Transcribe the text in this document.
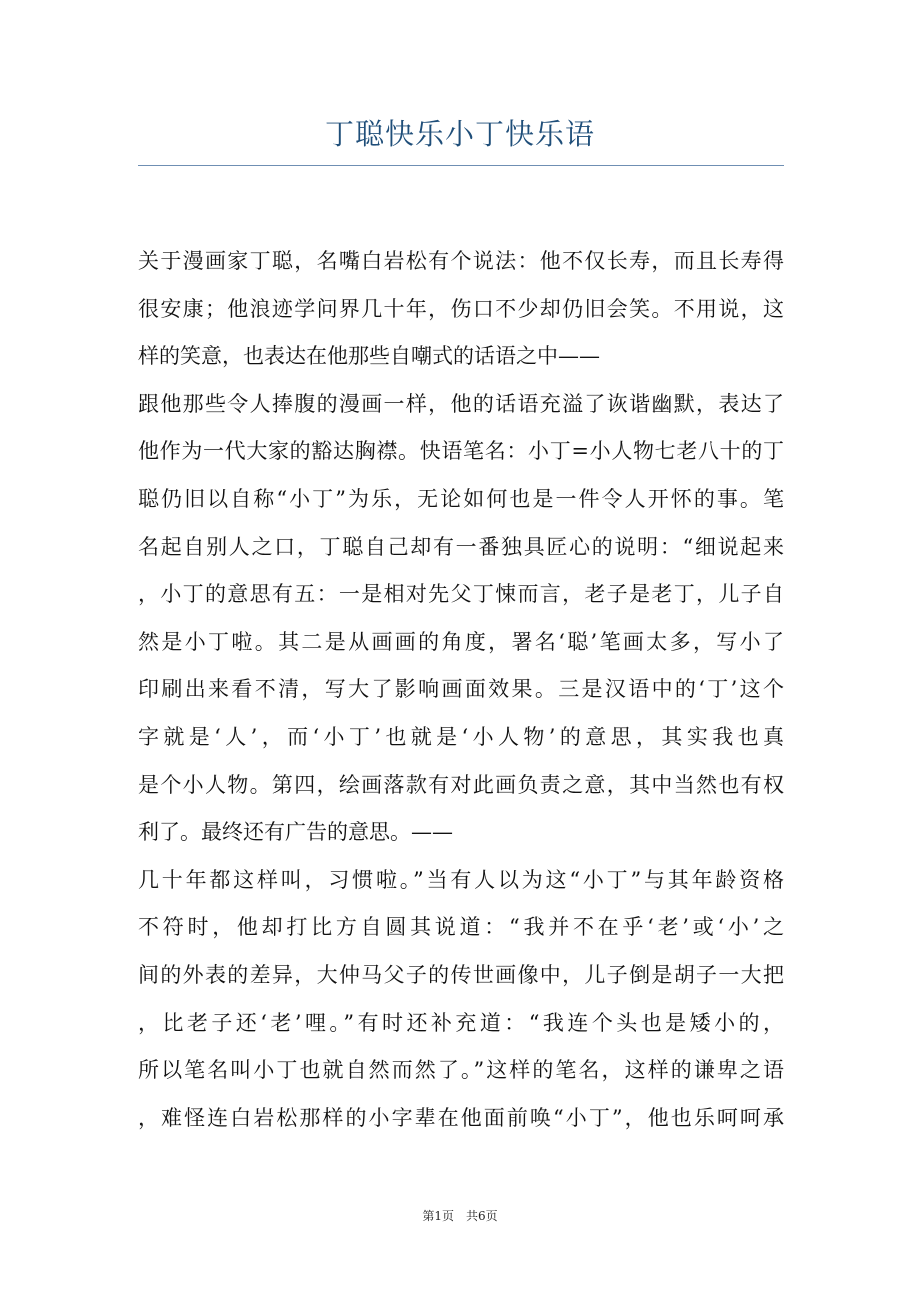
丁聪快乐小丁快乐语
关于漫画家丁聪，名嘴白岩松有个说法：他不仅长寿，而且长寿得
很安康；他浪迹学问界几十年，伤口不少却仍旧会笑。不用说，这
样的笑意，也表达在他那些自嘲式的话语之中——
跟他那些令人捧腹的漫画一样，他的话语充溢了诙谐幽默，表达了
他作为一代大家的豁达胸襟。快语笔名：小丁=小人物七老八十的丁
聪仍旧以自称“小丁”为乐，无论如何也是一件令人开怀的事。笔
名起自别人之口，丁聪自己却有一番独具匠心的说明：“细说起来
，小丁的意思有五：一是相对先父丁悚而言，老子是老丁，儿子自
然是小丁啦。其二是从画画的角度，署名‘聪’笔画太多，写小了
印刷出来看不清，写大了影响画面效果。三是汉语中的‘丁’这个
字就是‘人’，而‘小丁’也就是‘小人物’的意思，其实我也真
是个小人物。第四，绘画落款有对此画负责之意，其中当然也有权
利了。最终还有广告的意思。——
几十年都这样叫，习惯啦。”当有人以为这“小丁”与其年龄资格
不符时，他却打比方自圆其说道：“我并不在乎‘老’或‘小’之
间的外表的差异，大仲马父子的传世画像中，儿子倒是胡子一大把
，比老子还‘老’哩。”有时还补充道：“我连个头也是矮小的，
所以笔名叫小丁也就自然而然了。”这样的笔名，这样的谦卑之语
，难怪连白岩松那样的小字辈在他面前唤“小丁”，他也乐呵呵承
第1页 共6页
